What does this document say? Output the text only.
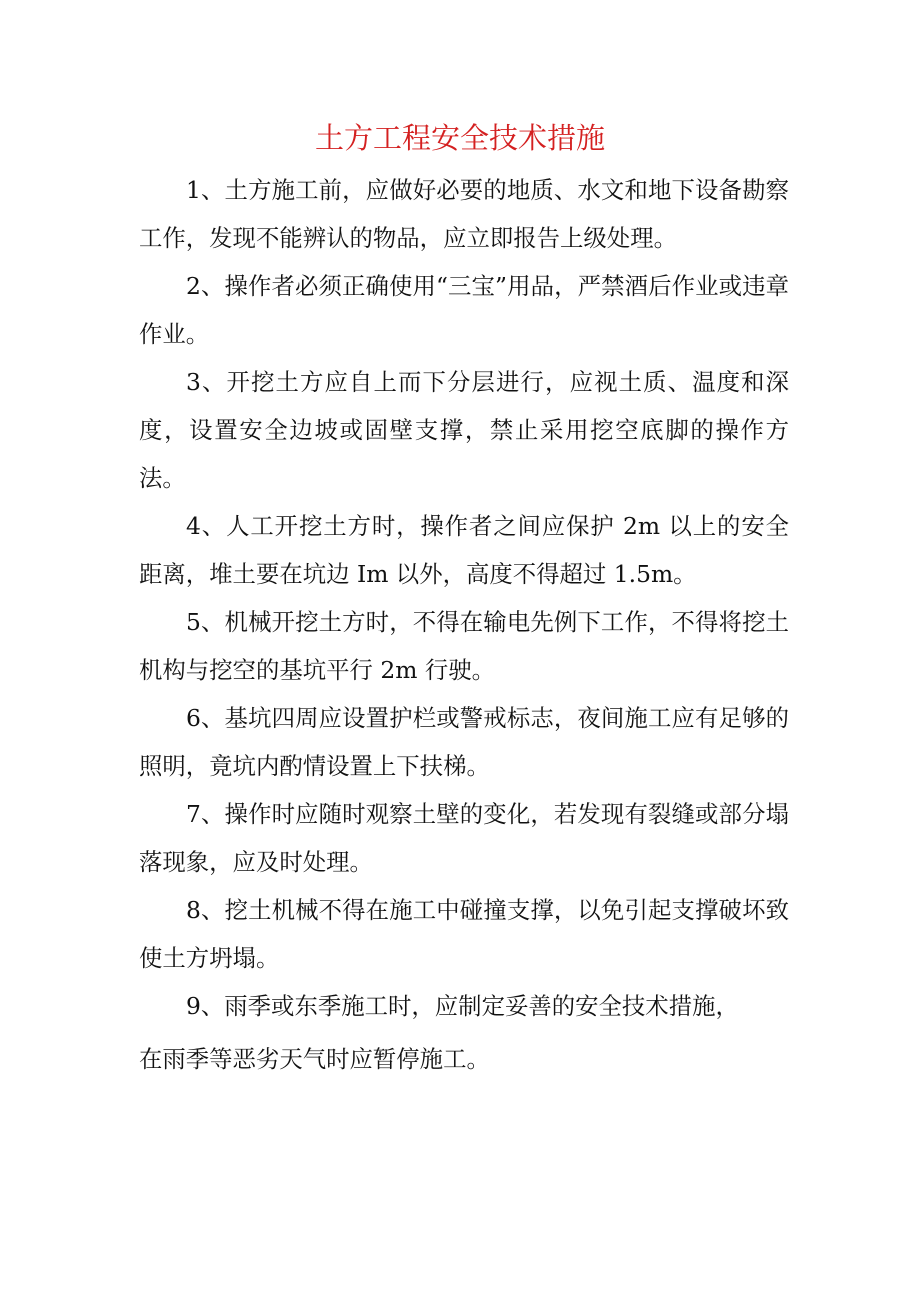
土方工程安全技术措施

1、土方施工前，应做好必要的地质、水文和地下设备勘察工作，发现不能辨认的物品，应立即报告上级处理。

2、操作者必须正确使用“三宝”用品，严禁酒后作业或违章作业。

3、开挖土方应自上而下分层进行，应视土质、温度和深度，设置安全边坡或固壁支撑，禁止采用挖空底脚的操作方法。

4、人工开挖土方时，操作者之间应保护 2m 以上的安全距离，堆土要在坑边 Im 以外，高度不得超过 1.5m。

5、机械开挖土方时，不得在输电先例下工作，不得将挖土机构与挖空的基坑平行 2m 行驶。

6、基坑四周应设置护栏或警戒标志，夜间施工应有足够的照明，竟坑内酌情设置上下扶梯。

7、操作时应随时观察土壁的变化，若发现有裂缝或部分塌落现象，应及时处理。

8、挖土机械不得在施工中碰撞支撑，以免引起支撑破坏致使土方坍塌。

9、雨季或东季施工时，应制定妥善的安全技术措施，

在雨季等恶劣天气时应暂停施工。
